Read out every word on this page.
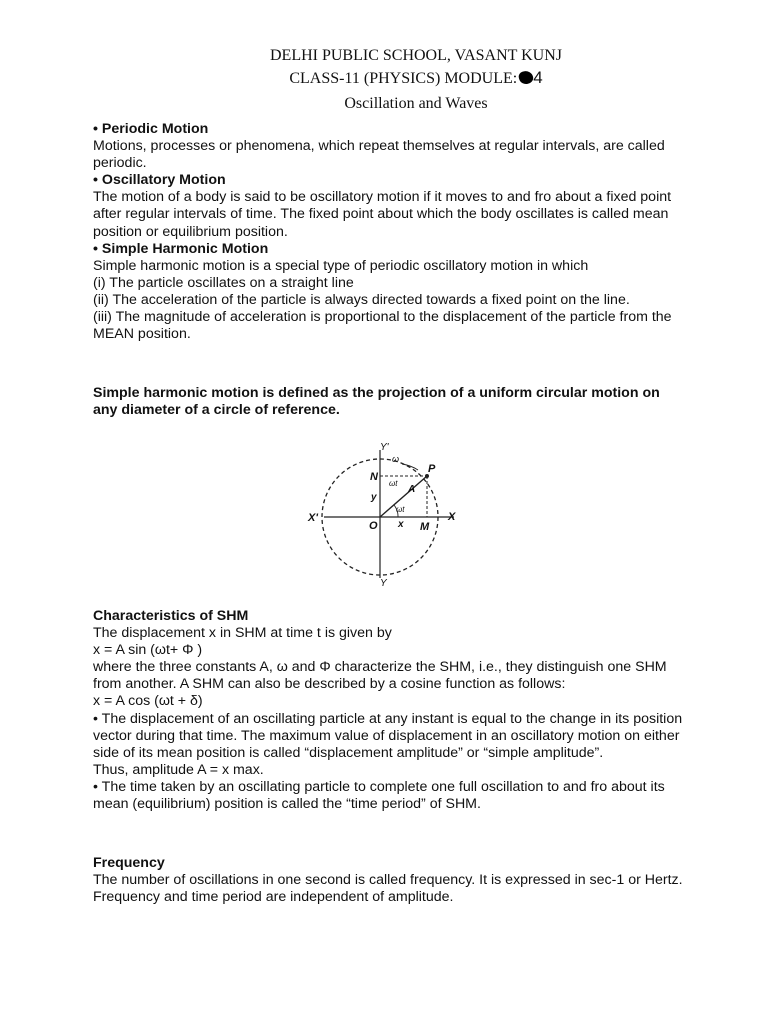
DELHI PUBLIC SCHOOL, VASANT KUNJ
CLASS-11 (PHYSICS) MODULE: 4
Oscillation and Waves

• Periodic Motion

Motions, processes or phenomena, which repeat themselves at regular intervals, are called periodic.

• Oscillatory Motion

The motion of a body is said to be oscillatory motion if it moves to and fro about a fixed point after regular intervals of time. The fixed point about which the body oscillates is called mean position or equilibrium position.

• Simple Harmonic Motion

Simple harmonic motion is a special type of periodic oscillatory motion in which

(i) The particle oscillates on a straight line

(ii) The acceleration of the particle is always directed towards a fixed point on the line.

(iii) The magnitude of acceleration is proportional to the displacement of the particle from the MEAN position.

Simple harmonic motion is defined as the projection of a uniform circular motion on any diameter of a circle of reference.

Y'
Y
X'	X
O
N
P
M
A
y
x
ω
ωt
ωt

Characteristics of SHM

The displacement x in SHM at time t is given by

x = A sin (ωt+ Φ )

where the three constants A, ω and Φ characterize the SHM, i.e., they distinguish one SHM from another. A SHM can also be described by a cosine function as follows:

x = A cos (ωt + δ)

• The displacement of an oscillating particle at any instant is equal to the change in its position vector during that time. The maximum value of displacement in an oscillatory motion on either side of its mean position is called “displacement amplitude” or “simple amplitude”.

Thus, amplitude A = x max.

• The time taken by an oscillating particle to complete one full oscillation to and fro about its mean (equilibrium) position is called the “time period” of SHM.

Frequency

The number of oscillations in one second is called frequency. It is expressed in sec-1 or Hertz. Frequency and time period are independent of amplitude.
